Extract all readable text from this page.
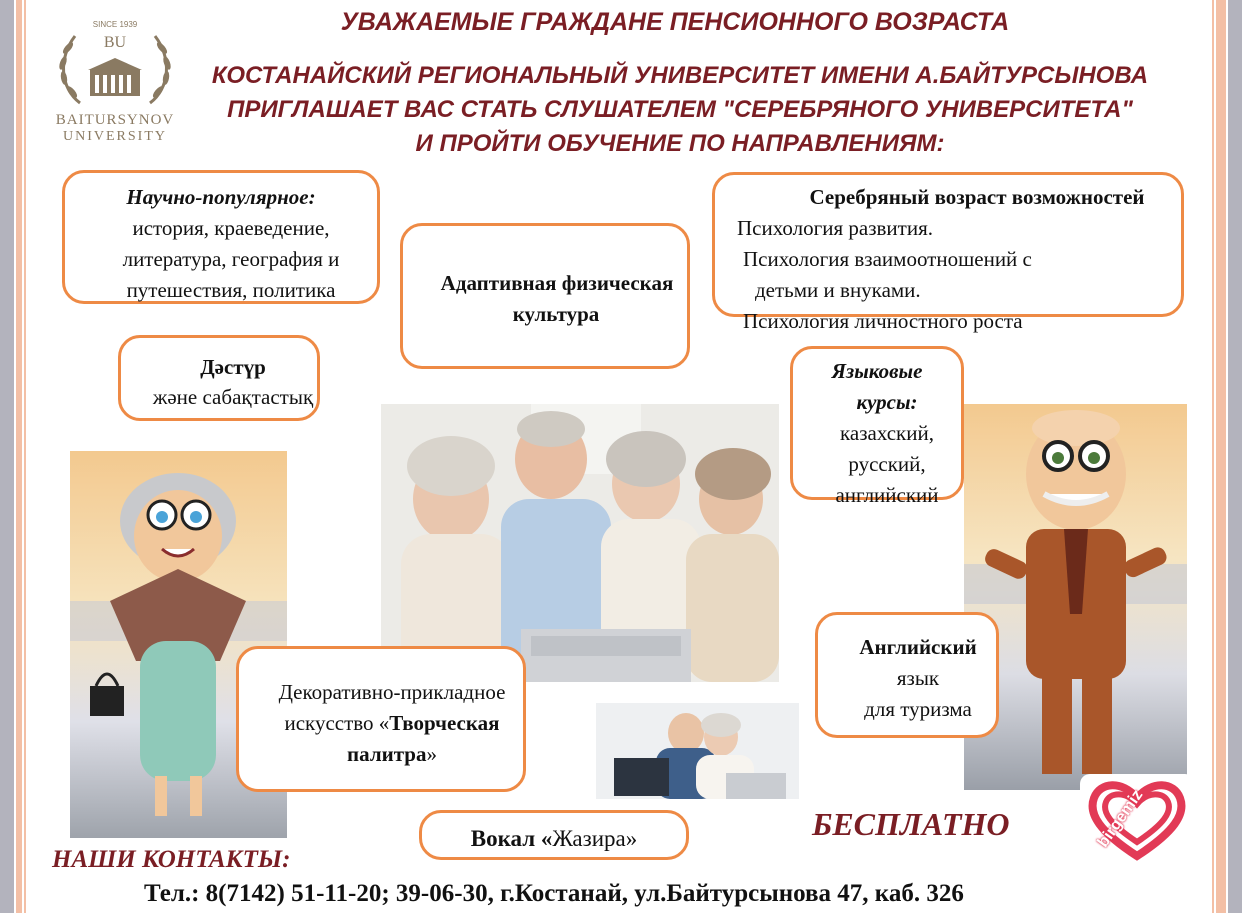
SINCE 1939
BU
BAITURSYNOV
UNIVERSITY
УВАЖАЕМЫЕ ГРАЖДАНЕ ПЕНСИОННОГО ВОЗРАСТА
КОСТАНАЙСКИЙ РЕГИОНАЛЬНЫЙ УНИВЕРСИТЕТ ИМЕНИ А.БАЙТУРСЫНОВА
ПРИГЛАШАЕТ ВАС СТАТЬ СЛУШАТЕЛЕМ "СЕРЕБРЯНОГО УНИВЕРСИТЕТА"
И ПРОЙТИ ОБУЧЕНИЕ ПО НАПРАВЛЕНИЯМ:
Научно-популярное:
история, краеведение,
литература, география и
путешествия, политика	Адаптивная физическая
культура
Серебряный возраст возможностей
Психология развития.
Психология взаимоотношений с
детьми и внуками.
Психология личностного роста
Дәстүр
және сабақтастық
Языковые
курсы:
казахский,
русский,
английский
Декоративно-прикладное
искусство «Творческая
палитра»
Английский
язык
для туризма
Вокал «Жазира»	БЕСПЛАТНО	birgemiz
НАШИ КОНТАКТЫ:
Тел.: 8(7142) 51-11-20; 39-06-30, г.Костанай, ул.Байтурсынова 47, каб. 326
